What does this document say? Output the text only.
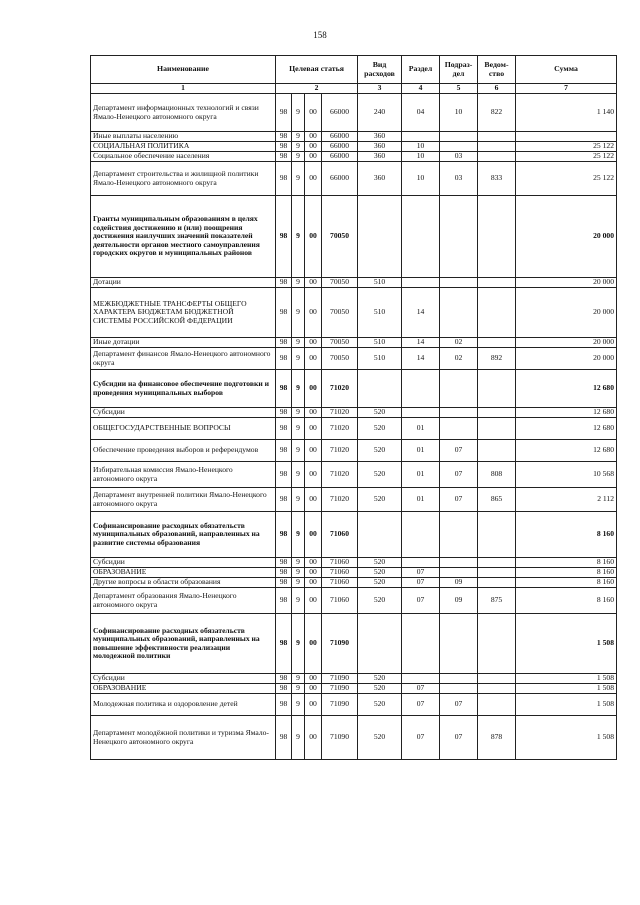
158
Наименование	Целевая статья				Вид расходов	Раздел	Подраз-дел	Ведом-ство	Сумма
1	2				3	4	5	6	7
Департамент информационных технологий и связи Ямало-Ненецкого автономного округа	98	9	00	66000	240	04	10	822	1 140
Иные выплаты населению	98	9	00	66000	360				
СОЦИАЛЬНАЯ ПОЛИТИКА	98	9	00	66000	360	10			25 122
Социальное обеспечение населения	98	9	00	66000	360	10	03		25 122
Департамент строительства и жилищной политики Ямало-Ненецкого автономного округа	98	9	00	66000	360	10	03	833	25 122
Гранты муниципальным образованиям в целях содействия достижению и (или) поощрения достижения наилучших значений показателей деятельности органов местного самоуправления городских округов и муниципальных районов	98	9	00	70050					20 000
Дотации	98	9	00	70050	510				20 000
МЕЖБЮДЖЕТНЫЕ ТРАНСФЕРТЫ ОБЩЕГО ХАРАКТЕРА БЮДЖЕТАМ БЮДЖЕТНОЙ СИСТЕМЫ РОССИЙСКОЙ ФЕДЕРАЦИИ	98	9	00	70050	510	14			20 000
Иные дотации	98	9	00	70050	510	14	02		20 000
Департамент финансов Ямало-Ненецкого автономного округа	98	9	00	70050	510	14	02	892	20 000
Субсидии на финансовое обеспечение подготовки и проведения муниципальных выборов	98	9	00	71020					12 680
Субсидии	98	9	00	71020	520				12 680
ОБЩЕГОСУДАРСТВЕННЫЕ ВОПРОСЫ	98	9	00	71020	520	01			12 680
Обеспечение проведения выборов и референдумов	98	9	00	71020	520	01	07		12 680
Избирательная комиссия Ямало-Ненецкого автономного округа	98	9	00	71020	520	01	07	808	10 568
Департамент внутренней политики Ямало-Ненецкого автономного округа	98	9	00	71020	520	01	07	865	2 112
Софинансирование расходных обязательств муниципальных образований, направленных на развитие системы образования	98	9	00	71060					8 160
Субсидии	98	9	00	71060	520				8 160
ОБРАЗОВАНИЕ	98	9	00	71060	520	07			8 160
Другие вопросы в области образования	98	9	00	71060	520	07	09		8 160
Департамент образования Ямало-Ненецкого автономного округа	98	9	00	71060	520	07	09	875	8 160
Софинансирование расходных обязательств муниципальных образований, направленных на повышение эффективности реализации молодежной политики	98	9	00	71090					1 508
Субсидии	98	9	00	71090	520				1 508
ОБРАЗОВАНИЕ	98	9	00	71090	520	07			1 508
Молодежная политика и оздоровление детей	98	9	00	71090	520	07	07		1 508
Департамент молодёжной политики и туризма Ямало-Ненецкого автономного округа	98	9	00	71090	520	07	07	878	1 508
